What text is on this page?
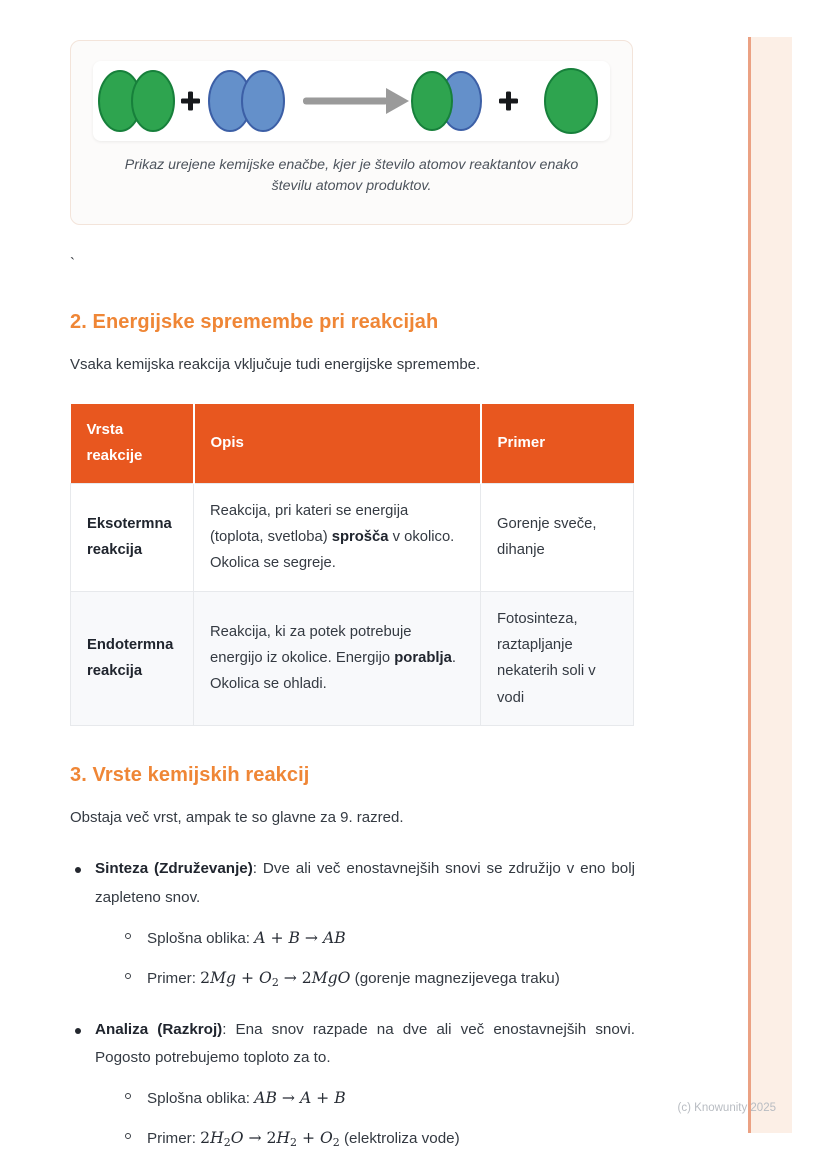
Prikaz urejene kemijske enačbe, kjer je število atomov reaktantov enako številu atomov produktov.
`
2. Energijske spremembe pri reakcijah

Vsaka kemijska reakcija vključuje tudi energijske spremembe.

Vrsta reakcije	Opis	Primer
Eksotermna reakcija	Reakcija, pri kateri se energija (toplota, svetloba) sprošča v okolico. Okolica se segreje.	Gorenje sveče, dihanje
Endotermna reakcija	Reakcija, ki za potek potrebuje energijo iz okolice. Energijo porablja. Okolica se ohladi.	Fotosinteza, raztapljanje nekaterih soli v vodi
3. Vrste kemijskih reakcij

Obstaja več vrst, ampak te so glavne za 9. razred.

Sinteza (Združevanje): Dve ali več enostavnejših snovi se združijo v eno bolj zapleteno snov.
Splošna oblika: A + B → AB
Primer: 2Mg + O2 → 2MgO (gorenje magnezijevega traku)
Analiza (Razkroj): Ena snov razpade na dve ali več enostavnejših snovi. Pogosto potrebujemo toploto za to.
Splošna oblika: AB → A + B
Primer: 2H2O → 2H2 + O2 (elektroliza vode)
(c) Knowunity 2025
